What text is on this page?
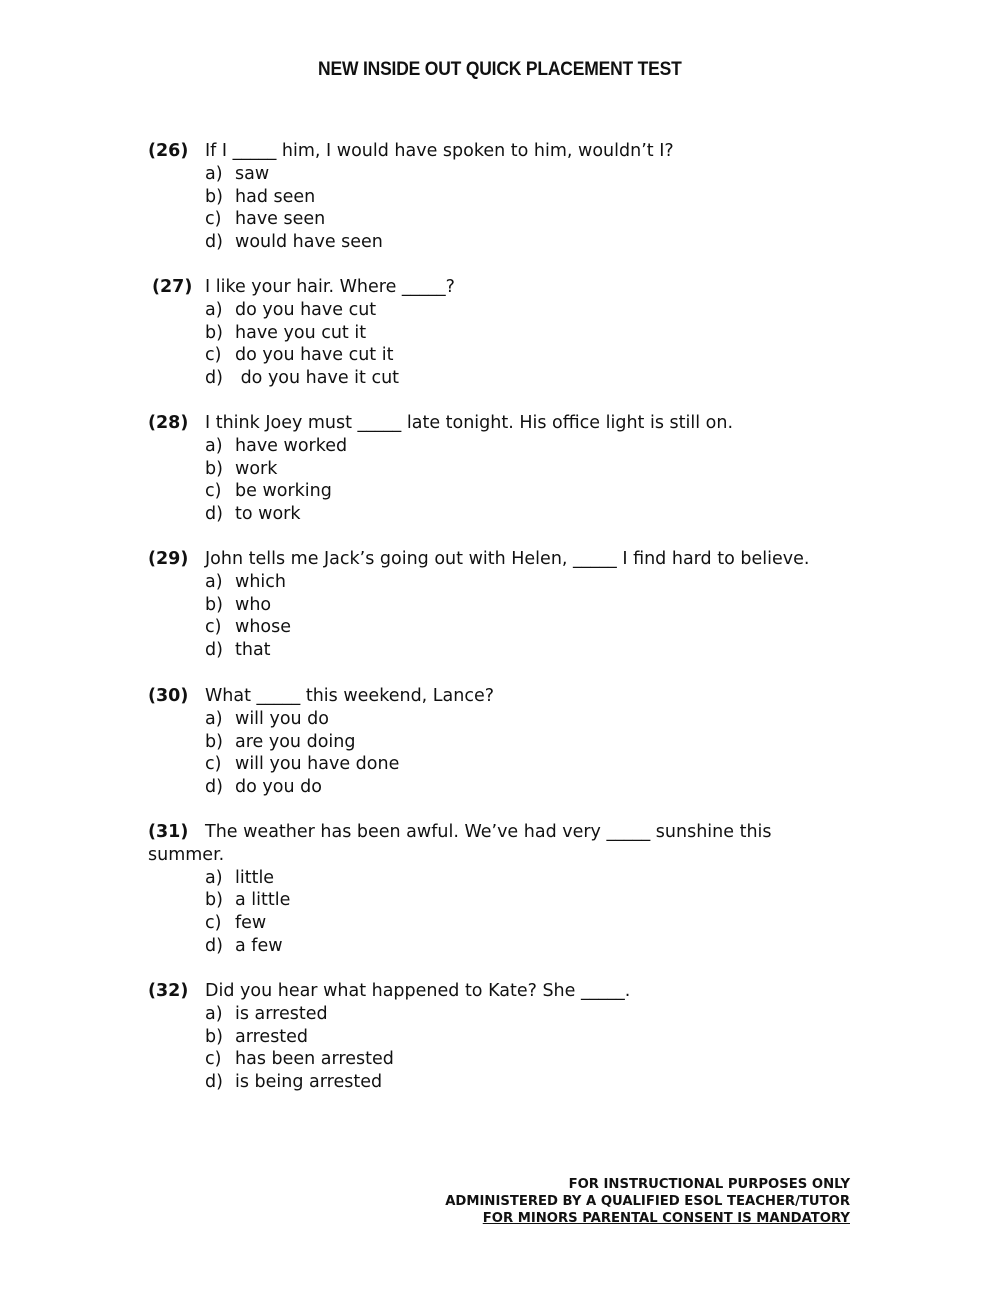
NEW INSIDE OUT QUICK PLACEMENT TEST
(26) If I _____ him, I would have spoken to him, wouldn’t I?
a) saw
b) had seen
c) have seen
d) would have seen
(27) I like your hair. Where _____?
a) do you have cut
b) have you cut it
c) do you have cut it
d) do you have it cut
(28) I think Joey must _____ late tonight. His office light is still on.
a) have worked
b) work
c) be working
d) to work
(29) John tells me Jack’s going out with Helen, _____ I find hard to believe.
a) which
b) who
c) whose
d) that
(30) What _____ this weekend, Lance?
a) will you do
b) are you doing
c) will you have done
d) do you do
(31) The weather has been awful. We’ve had very _____ sunshine this
summer.
a) little
b) a little
c) few
d) a few
(32) Did you hear what happened to Kate? She _____.
a) is arrested
b) arrested
c) has been arrested
d) is being arrested
FOR INSTRUCTIONAL PURPOSES ONLY
ADMINISTERED BY A QUALIFIED ESOL TEACHER/TUTOR
FOR MINORS PARENTAL CONSENT IS MANDATORY
